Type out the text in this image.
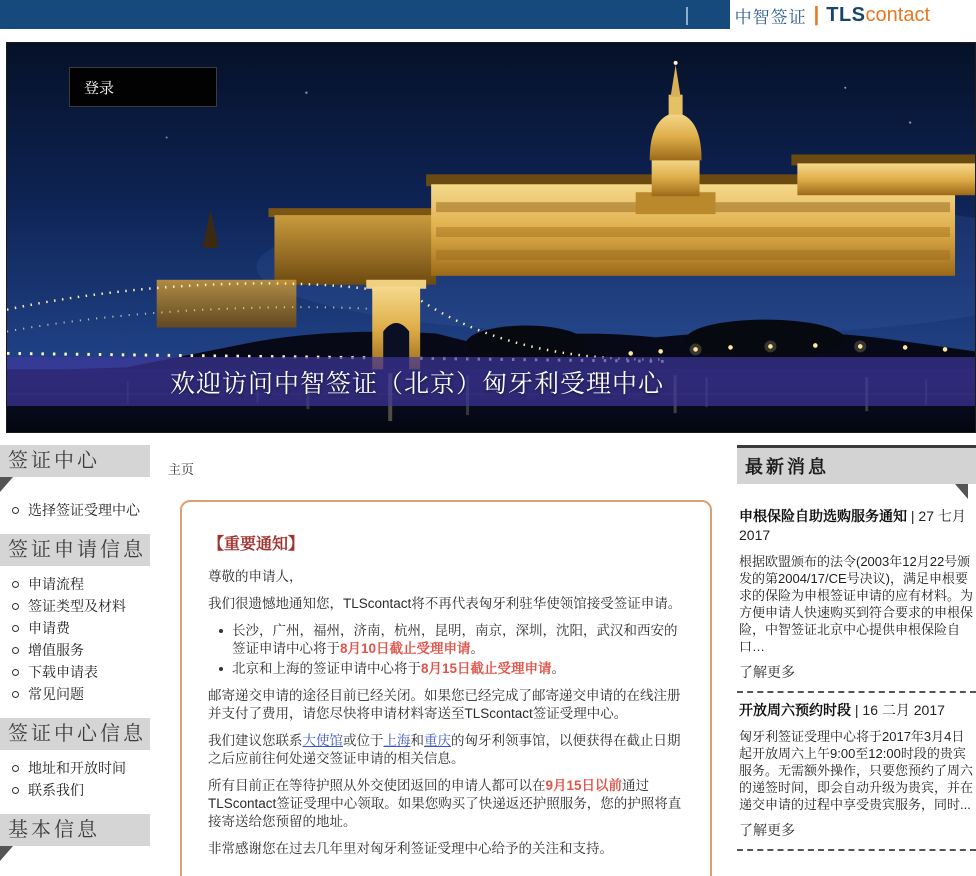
中智签证 | TLS contact
登录
欢迎访问中智签证（北京）匈牙利受理中心
签证中心
选择签证受理中心
签证申请信息
申请流程
签证类型及材料
申请费
增值服务
下载申请表
常见问题
签证中心信息
地址和开放时间
联系我们
基本信息
主页
【重要通知】

尊敬的申请人，

我们很遗憾地通知您，TLScontact将不再代表匈牙利驻华使领馆接受签证申请。

长沙，广州，福州，济南，杭州，昆明，南京，深圳，沈阳，武汉和西安的签证申请中心将于8月10日截止受理申请。
北京和上海的签证申请中心将于8月15日截止受理申请。

邮寄递交申请的途径目前已经关闭。如果您已经完成了邮寄递交申请的在线注册并支付了费用，请您尽快将申请材料寄送至TLScontact签证受理中心。

我们建议您联系大使馆或位于上海和重庆的匈牙利领事馆，以便获得在截止日期之后应前往何处递交签证申请的相关信息。

所有目前正在等待护照从外交使团返回的申请人都可以在9月15日以前通过TLScontact签证受理中心领取。如果您购买了快递返还护照服务，您的护照将直接寄送给您预留的地址。

非常感谢您在过去几年里对匈牙利签证受理中心给予的关注和支持。

最新消息
申根保险自助选购服务通知 | 27 七月 2017
根据欧盟颁布的法令(2003年12月22号颁发的第2004/17/CE号决议)，满足申根要求的保险为申根签证申请的应有材料。为方便申请人快速购买到符合要求的申根保险，中智签证北京中心提供申根保险自口…
了解更多
开放周六预约时段 | 16 二月 2017
匈牙利签证受理中心将于2017年3月4日起开放周六上午9:00至12:00时段的贵宾服务。无需额外操作，只要您预约了周六的递签时间，即会自动升级为贵宾，并在递交申请的过程中享受贵宾服务，同时...
了解更多
